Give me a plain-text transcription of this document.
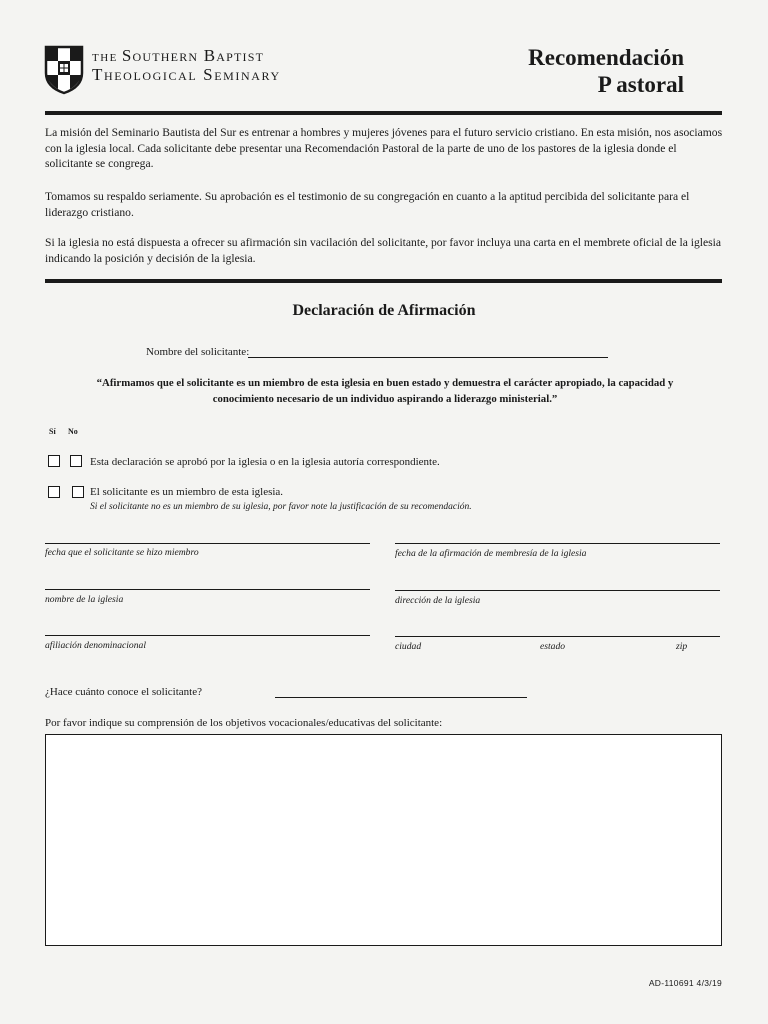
THE Southern Baptist
Theological Seminary
Recomendación
P astoral
La misión del Seminario Bautista del Sur es entrenar a hombres y mujeres jóvenes para el futuro servicio cristiano. En esta misión, nos asociamos con la iglesia local. Cada solicitante debe presentar una Recomendación Pastoral de la parte de uno de los pastores de la iglesia donde el solicitante se congrega.
Tomamos su respaldo seriamente. Su aprobación es el testimonio de su congregación en cuanto a la aptitud percibida del solicitante para el liderazgo cristiano.
Si la iglesia no está dispuesta a ofrecer su afirmación sin vacilación del solicitante, por favor incluya una carta en el membrete oficial de la iglesia indicando la posición y decisión de la iglesia.
Declaración de Afirmación
Nombre del solicitante:
“Afirmamos que el solicitante es un miembro de esta iglesia en buen estado y demuestra el carácter apropiado, la capacidad y conocimiento necesario de un individuo aspirando a liderazgo ministerial.”
Sí No
Esta declaración se aprobó por la iglesia o en la iglesia autoría correspondiente.
El solicitante es un miembro de esta iglesia.
Si el solicitante no es un miembro de su iglesia, por favor note la justificación de su recomendación.
fecha que el solicitante se hizo miembro	fecha de la afirmación de membresía de la iglesia
nombre de la iglesia	dirección de la iglesia
afiliación denominacional	ciudad	estado	zip
¿Hace cuánto conoce el solicitante?
Por favor indique su comprensión de los objetivos vocacionales/educativas del solicitante:
AD-110691 4/3/19
